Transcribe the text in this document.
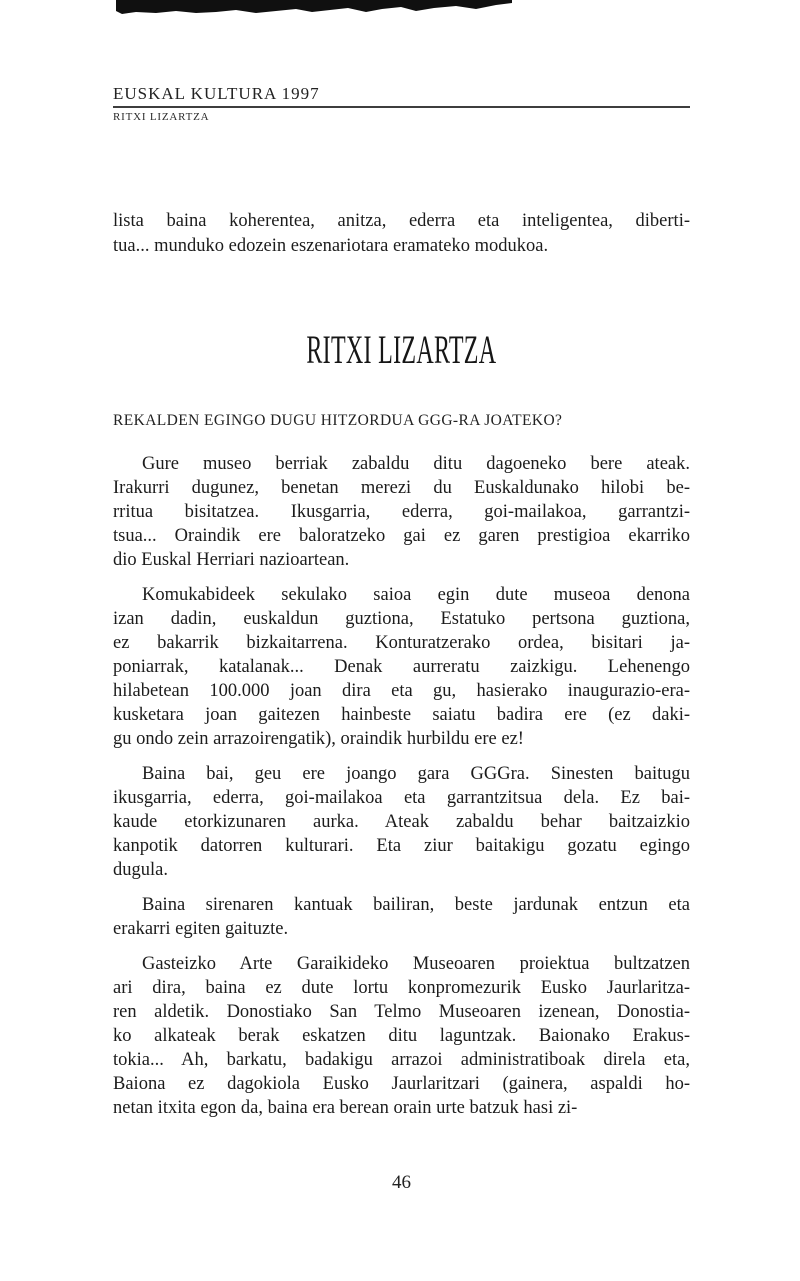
EUSKAL KULTURA 1997
RITXI LIZARTZA
lista baina koherentea, anitza, ederra eta inteligentea, diberti-
tua... munduko edozein eszenariotara eramateko modukoa.
RITXI LIZARTZA
REKALDEN EGINGO DUGU HITZORDUA GGG-RA JOATEKO?
Gure museo berriak zabaldu ditu dagoeneko bere ateak.
Irakurri dugunez, benetan merezi du Euskaldunako hilobi be-
rritua bisitatzea. Ikusgarria, ederra, goi-mailakoa, garrantzi-
tsua... Oraindik ere baloratzeko gai ez garen prestigioa ekarriko
dio Euskal Herriari nazioartean.
Komukabideek sekulako saioa egin dute museoa denona
izan dadin, euskaldun guztiona, Estatuko pertsona guztiona,
ez bakarrik bizkaitarrena. Konturatzerako ordea, bisitari ja-
poniarrak, katalanak... Denak aurreratu zaizkigu. Lehenengo
hilabetean 100.000 joan dira eta gu, hasierako inaugurazio-era-
kusketara joan gaitezen hainbeste saiatu badira ere (ez daki-
gu ondo zein arrazoirengatik), oraindik hurbildu ere ez!
Baina bai, geu ere joango gara GGGra. Sinesten baitugu
ikusgarria, ederra, goi-mailakoa eta garrantzitsua dela. Ez bai-
kaude etorkizunaren aurka. Ateak zabaldu behar baitzaizkio
kanpotik datorren kulturari. Eta ziur baitakigu gozatu egingo
dugula.
Baina sirenaren kantuak bailiran, beste jardunak entzun eta
erakarri egiten gaituzte.
Gasteizko Arte Garaikideko Museoaren proiektua bultzatzen
ari dira, baina ez dute lortu konpromezurik Eusko Jaurlaritza-
ren aldetik. Donostiako San Telmo Museoaren izenean, Donostia-
ko alkateak berak eskatzen ditu laguntzak. Baionako Erakus-
tokia... Ah, barkatu, badakigu arrazoi administratiboak direla eta,
Baiona ez dagokiola Eusko Jaurlaritzari (gainera, aspaldi ho-
netan itxita egon da, baina era berean orain urte batzuk hasi zi-
46
